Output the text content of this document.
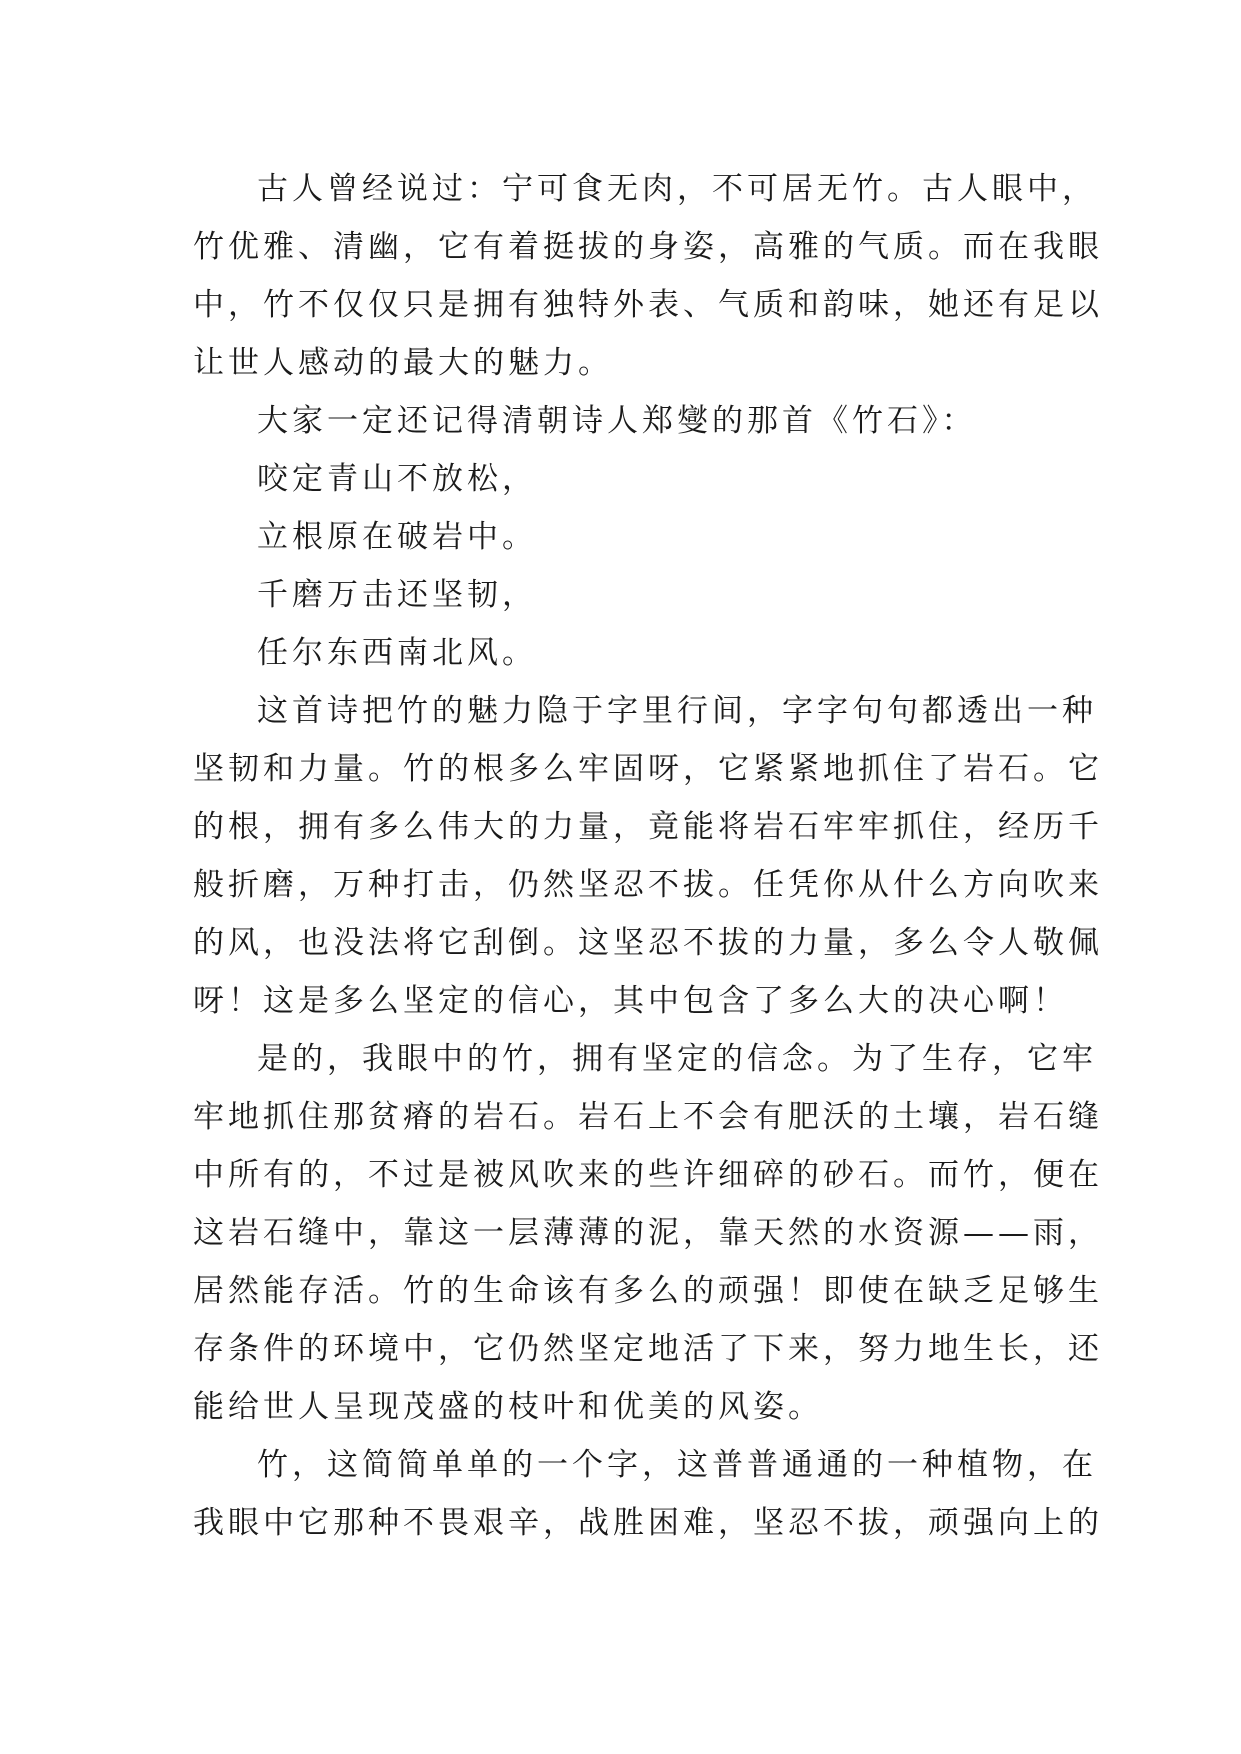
古人曾经说过：宁可食无肉，不可居无竹。古人眼中，
竹优雅、清幽，它有着挺拔的身姿，高雅的气质。而在我眼
中，竹不仅仅只是拥有独特外表、气质和韵味，她还有足以
让世人感动的最大的魅力。
大家一定还记得清朝诗人郑燮的那首《竹石》：
咬定青山不放松，
立根原在破岩中。
千磨万击还坚韧，
任尔东西南北风。
这首诗把竹的魅力隐于字里行间，字字句句都透出一种
坚韧和力量。竹的根多么牢固呀，它紧紧地抓住了岩石。它
的根，拥有多么伟大的力量，竟能将岩石牢牢抓住，经历千
般折磨，万种打击，仍然坚忍不拔。任凭你从什么方向吹来
的风，也没法将它刮倒。这坚忍不拔的力量，多么令人敬佩
呀！这是多么坚定的信心，其中包含了多么大的决心啊！
是的，我眼中的竹，拥有坚定的信念。为了生存，它牢
牢地抓住那贫瘠的岩石。岩石上不会有肥沃的土壤，岩石缝
中所有的，不过是被风吹来的些许细碎的砂石。而竹，便在
这岩石缝中，靠这一层薄薄的泥，靠天然的水资源——雨，
居然能存活。竹的生命该有多么的顽强！即使在缺乏足够生
存条件的环境中，它仍然坚定地活了下来，努力地生长，还
能给世人呈现茂盛的枝叶和优美的风姿。
竹，这简简单单的一个字，这普普通通的一种植物，在
我眼中它那种不畏艰辛，战胜困难，坚忍不拔，顽强向上的
